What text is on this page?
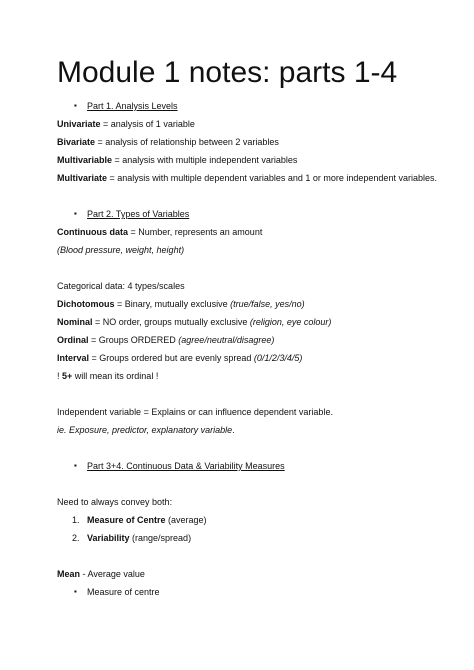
Module 1 notes: parts 1-4
▪ Part 1. Analysis Levels
Univariate = analysis of 1 variable
Bivariate = analysis of relationship between 2 variables
Multivariable = analysis with multiple independent variables
Multivariate = analysis with multiple dependent variables and 1 or more independent variables.
▪ Part 2. Types of Variables
Continuous data = Number, represents an amount
(Blood pressure, weight, height)
Categorical data: 4 types/scales
Dichotomous = Binary, mutually exclusive (true/false, yes/no)
Nominal = NO order, groups mutually exclusive (religion, eye colour)
Ordinal = Groups ORDERED (agree/neutral/disagree)
Interval = Groups ordered but are evenly spread (0/1/2/3/4/5)
! 5+ will mean its ordinal !
Independent variable = Explains or can influence dependent variable.
ie. Exposure, predictor, explanatory variable.
▪ Part 3+4. Continuous Data & Variability Measures
Need to always convey both:
1. Measure of Centre (average)
2. Variability (range/spread)
Mean - Average value
▪ Measure of centre
